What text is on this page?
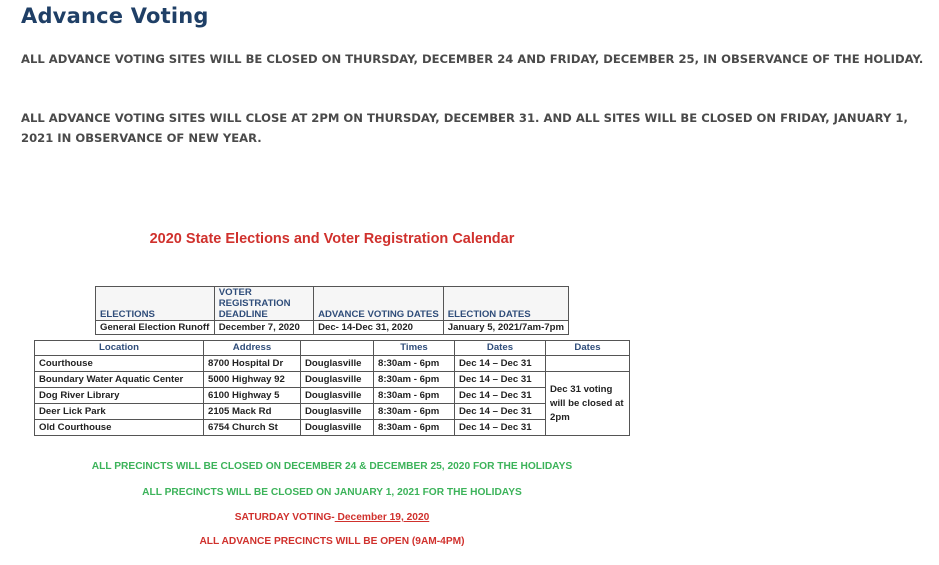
Advance Voting

ALL ADVANCE VOTING SITES WILL BE CLOSED ON THURSDAY, DECEMBER 24 AND FRIDAY, DECEMBER 25, IN OBSERVANCE OF THE HOLIDAY.

ALL ADVANCE VOTING SITES WILL CLOSE AT 2PM ON THURSDAY, DECEMBER 31. AND ALL SITES WILL BE CLOSED ON FRIDAY, JANUARY 1, 2021 IN OBSERVANCE OF NEW YEAR.

2020 State Elections and Voter Registration Calendar
ELECTIONS	VOTER REGISTRATION DEADLINE	ADVANCE VOTING DATES	ELECTION DATES
General Election Runoff	December 7, 2020	Dec- 14-Dec 31, 2020	January 5, 2021/7am-7pm
Location	Address		Times	Dates	Dates
Courthouse	8700 Hospital Dr	Douglasville	8:30am - 6pm	Dec 14 – Dec 31	
Boundary Water Aquatic Center	5000 Highway 92	Douglasville	8:30am - 6pm	Dec 14 – Dec 31	Dec 31 voting will be closed at 2pm
Dog River Library	6100 Highway 5	Douglasville	8:30am - 6pm	Dec 14 – Dec 31	
Deer Lick Park	2105 Mack Rd	Douglasville	8:30am - 6pm	Dec 14 – Dec 31	
Old Courthouse	6754 Church St	Douglasville	8:30am - 6pm	Dec 14 – Dec 31	

ALL PRECINCTS WILL BE CLOSED ON DECEMBER 24 & DECEMBER 25, 2020 FOR THE HOLIDAYS

ALL PRECINCTS WILL BE CLOSED ON JANUARY 1, 2021 FOR THE HOLIDAYS

SATURDAY VOTING- December 19, 2020

ALL ADVANCE PRECINCTS WILL BE OPEN (9AM-4PM)
